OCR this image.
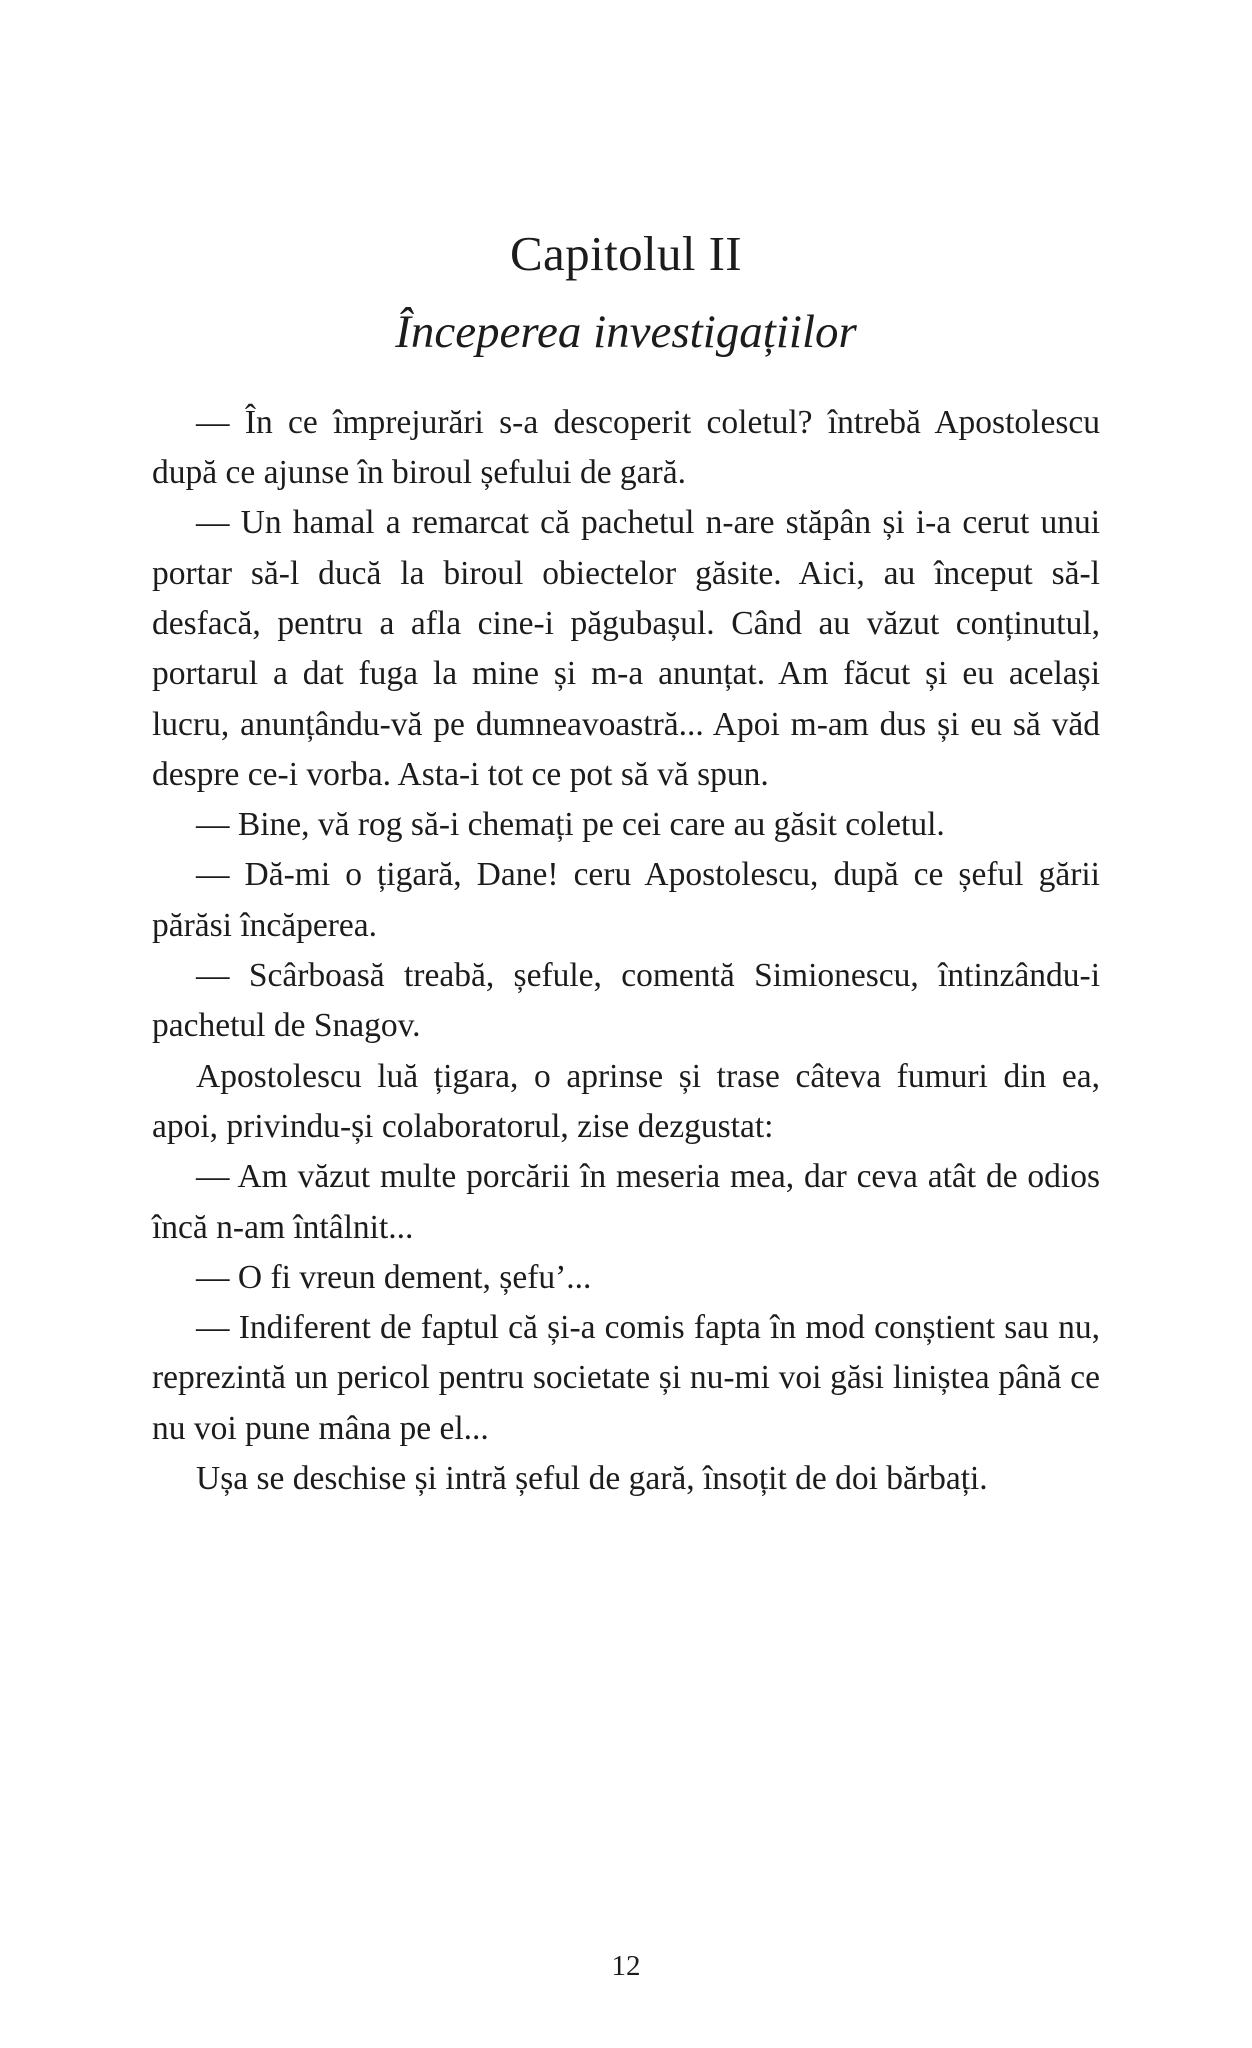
Capitolul II
Începerea investigațiilor

— În ce împrejurări s-a descoperit coletul? întrebă Apostolescu după ce ajunse în biroul șefului de gară.

— Un hamal a remarcat că pachetul n-are stăpân și i-a cerut unui portar să-l ducă la biroul obiectelor găsite. Aici, au început să-l desfacă, pentru a afla cine-i păgubașul. Când au văzut conținutul, portarul a dat fuga la mine și m-a anunțat. Am făcut și eu același lucru, anunțându-vă pe dumneavoastră... Apoi m-am dus și eu să văd despre ce-i vorba. Asta-i tot ce pot să vă spun.

— Bine, vă rog să-i chemați pe cei care au găsit coletul.

— Dă-mi o țigară, Dane! ceru Apostolescu, după ce șeful gării părăsi încăperea.

— Scârboasă treabă, șefule, comentă Simionescu, întinzându-i pachetul de Snagov.

Apostolescu luă țigara, o aprinse și trase câteva fumuri din ea, apoi, privindu-și colaboratorul, zise dezgustat:

— Am văzut multe porcării în meseria mea, dar ceva atât de odios încă n-am întâlnit...

— O fi vreun dement, șefu’...

— Indiferent de faptul că și-a comis fapta în mod conștient sau nu, reprezintă un pericol pentru societate și nu-mi voi găsi liniștea până ce nu voi pune mâna pe el...

Ușa se deschise și intră șeful de gară, însoțit de doi bărbați.

12
